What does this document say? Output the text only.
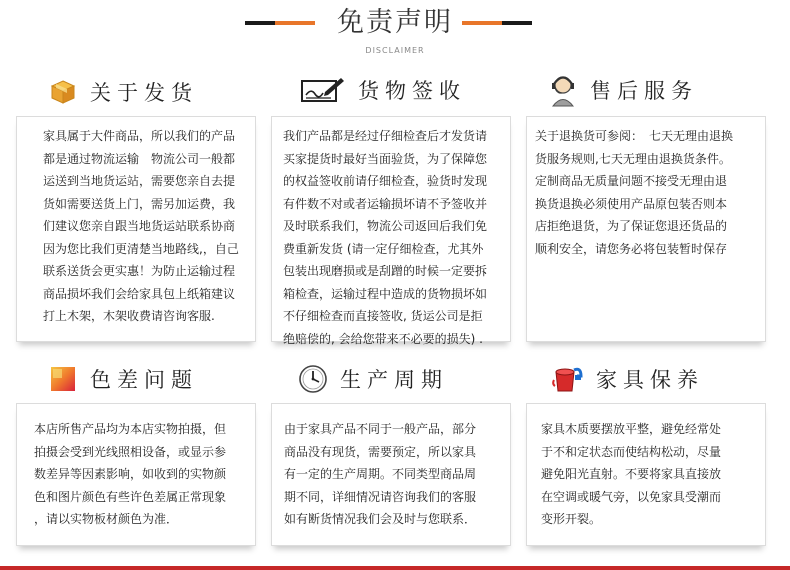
免责声明
DISCLAIMER
关于发货

家具属于大件商品，所以我们的产品

都是通过物流运输　物流公司一般都

运送到当地货运站，需要您亲自去提

货如需要送货上门，需另加运费，我

们建议您亲自跟当地货运站联系协商

因为您比我们更清楚当地路线,，自己

联系送货会更实惠！为防止运输过程

商品损坏我们会给家具包上纸箱建议

打上木架，木架收费请咨询客服.

货物签收

我们产品都是经过仔细检查后才发货请

买家提货时最好当面验货，为了保障您

的权益签收前请仔细检查，验货时发现

有件数不对或者运输损坏请不予签收并

及时联系我们，物流公司返回后我们免

费重新发货 (请一定仔细检查，尤其外

包装出现磨损或是刮蹭的时候一定要拆

箱检查，运输过程中造成的货物损坏如

不仔细检查而直接签收, 货运公司是拒

绝赔偿的, 会给您带来不必要的损失) .

售后服务

关于退换货可参阅：　七天无理由退换

货服务规则,七天无理由退换货条件。

定制商品无质量问题不接受无理由退

换货退换必须使用产品原包装否则本

店拒绝退货，为了保证您退还货品的

顺利安全，请您务必将包装暂时保存

色差问题

本店所售产品均为本店实物拍摄，但

拍摄会受到光线照相设备，或显示参

数差异等因素影响，如收到的实物颜

色和图片颜色有些许色差属正常现象

，请以实物板材颜色为准．

生产周期

由于家具产品不同于一般产品，部分

商品没有现货，需要预定，所以家具

有一定的生产周期。不同类型商品周

期不同，详细情况请咨询我们的客服

如有断货情况我们会及时与您联系．

家具保养

家具木质要摆放平整，避免经常处

于不和定状态而使结构松动，尽量

避免阳光直射。不要将家具直接放

在空调或暖气旁，以免家具受潮而

变形开裂。
